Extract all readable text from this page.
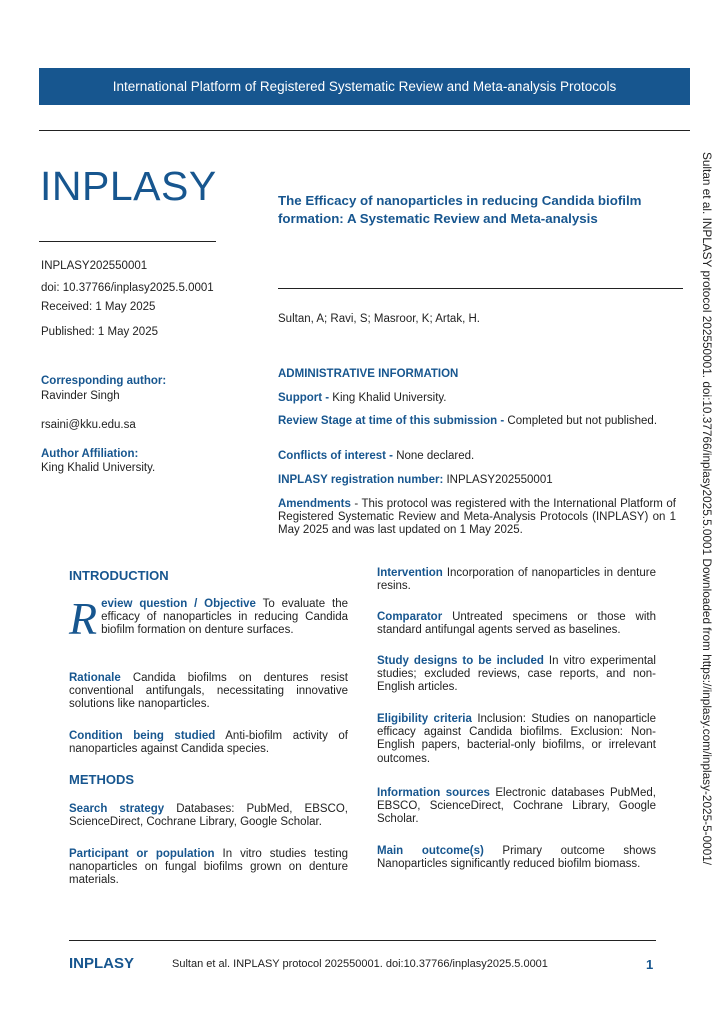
International Platform of Registered Systematic Review and Meta-analysis Protocols
INPLASY
INPLASY202550001
doi: 10.37766/inplasy2025.5.0001
Received: 1 May 2025
Published: 1 May 2025
The Efficacy of nanoparticles in reducing Candida biofilm formation: A Systematic Review and Meta-analysis
Sultan, A; Ravi, S; Masroor, K; Artak, H.
Corresponding author:
Ravinder Singh
rsaini@kku.edu.sa
Author Affiliation:
King Khalid University.
ADMINISTRATIVE INFORMATION
Support - King Khalid University.
Review Stage at time of this submission - Completed but not published.
Conflicts of interest - None declared.
INPLASY registration number: INPLASY202550001
Amendments - This protocol was registered with the International Platform of Registered Systematic Review and Meta-Analysis Protocols (INPLASY) on 1 May 2025 and was last updated on 1 May 2025.
INTRODUCTION
Review question / Objective To evaluate the efficacy of nanoparticles in reducing Candida biofilm formation on denture surfaces.
Rationale Candida biofilms on dentures resist conventional antifungals, necessitating innovative solutions like nanoparticles.
Condition being studied Anti-biofilm activity of nanoparticles against Candida species.
METHODS
Search strategy Databases: PubMed, EBSCO, ScienceDirect, Cochrane Library, Google Scholar.
Participant or population In vitro studies testing nanoparticles on fungal biofilms grown on denture materials.
Intervention Incorporation of nanoparticles in denture resins.
Comparator Untreated specimens or those with standard antifungal agents served as baselines.
Study designs to be included In vitro experimental studies; excluded reviews, case reports, and non-English articles.
Eligibility criteria Inclusion: Studies on nanoparticle efficacy against Candida biofilms. Exclusion: Non-English papers, bacterial-only biofilms, or irrelevant outcomes.
Information sources Electronic databases PubMed, EBSCO, ScienceDirect, Cochrane Library, Google Scholar.
Main outcome(s) Primary outcome shows Nanoparticles significantly reduced biofilm biomass.	Sultan et al. INPLASY protocol 202550001. doi:10.37766/inplasy2025.5.0001 Downloaded from https://inplasy.com/inplasy-2025-5-0001/
INPLASY	Sultan et al. INPLASY protocol 202550001. doi:10.37766/inplasy2025.5.0001	1
